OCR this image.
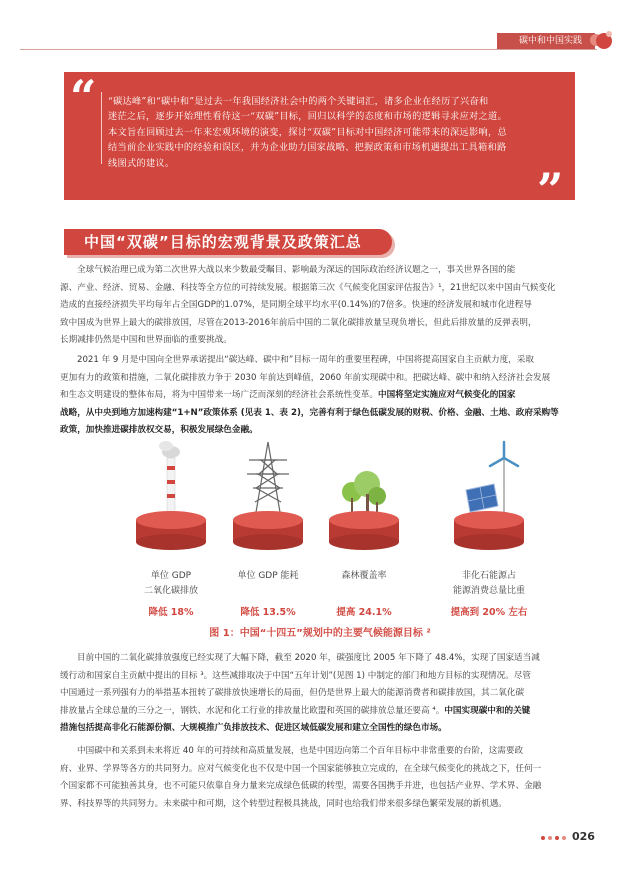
碳中和中国实践
“
”
“碳达峰”和“碳中和”是过去一年我国经济社会中的两个关键词汇，诸多企业在经历了兴奋和
迷茫之后，逐步开始理性看待这一“双碳”目标，回归以科学的态度和市场的逻辑寻求应对之道。
本文旨在回顾过去一年来宏观环境的演变，探讨“双碳”目标对中国经济可能带来的深远影响，总
结当前企业实践中的经验和误区，并为企业助力国家战略、把握政策和市场机遇提出工具箱和路
线图式的建议。
中国“双碳”目标的宏观背景及政策汇总
全球气候治理已成为第二次世界大战以来少数最受瞩目、影响最为深远的国际政治经济议题之一，事关世界各国的能
源、产业、经济、贸易、金融、科技等全方位的可持续发展。根据第三次《气候变化国家评估报告》¹，21世纪以来中国由气候变化
造成的直接经济损失平均每年占全国GDP的1.07%，是同期全球平均水平(0.14%)的7倍多。快速的经济发展和城市化进程导
致中国成为世界上最大的碳排放国，尽管在2013-2016年前后中国的二氧化碳排放量呈现负增长，但此后排放量的反弹表明，
长期减排仍然是中国和世界面临的重要挑战。
2021 年 9 月是中国向全世界承诺提出“碳达峰、碳中和”目标一周年的重要里程碑，中国将提高国家自主贡献力度，采取
更加有力的政策和措施，二氧化碳排放力争于 2030 年前达到峰值，2060 年前实现碳中和。把碳达峰、碳中和纳入经济社会发展
和生态文明建设的整体布局，将为中国带来一场广泛而深刻的经济社会系统性变革。中国将坚定实施应对气候变化的国家
战略，从中央到地方加速构建“1+N”政策体系 (见表 1、表 2)，完善有利于绿色低碳发展的财税、价格、金融、土地、政府采购等
政策，加快推进碳排放权交易，积极发展绿色金融。
单位 GDP
二氧化碳排放
降低 18%
单位 GDP 能耗
降低 13.5%
森林覆盖率
提高 24.1%
非化石能源占
能源消费总量比重
提高到 20% 左右
图 1：中国“十四五”规划中的主要气候能源目标 ²
目前中国的二氧化碳排放强度已经实现了大幅下降，截至 2020 年，碳强度比 2005 年下降了 48.4%，实现了国家适当减
缓行动和国家自主贡献中提出的目标 ³。这些减排取决于中国“五年计划”(见图 1) 中制定的部门和地方目标的实现情况。尽管
中国通过一系列强有力的举措基本扭转了碳排放快速增长的局面，但仍是世界上最大的能源消费者和碳排放国，其二氧化碳
排放量占全球总量的三分之一，钢铁、水泥和化工行业的排放量比欧盟和英国的碳排放总量还要高 ⁴。中国实现碳中和的关键
措施包括提高非化石能源份额、大规模推广负排放技术、促进区域低碳发展和建立全国性的绿色市场。
中国碳中和关系到未来将近 40 年的可持续和高质量发展，也是中国迈向第二个百年目标中非常重要的台阶，这需要政
府、业界、学界等各方的共同努力。应对气候变化也不仅是中国一个国家能够独立完成的，在全球气候变化的挑战之下，任何一
个国家都不可能独善其身，也不可能只依靠自身力量来完成绿色低碳的转型，需要各国携手并进，也包括产业界、学术界、金融
界、科技界等的共同努力。未来碳中和可期，这个转型过程极具挑战，同时也给我们带来很多绿色繁荣发展的新机遇。
026
